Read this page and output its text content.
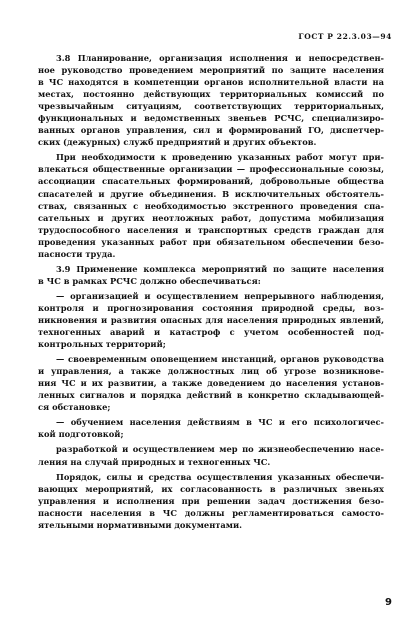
ГОСТ Р 22.3.03—94
3.8 Планирование, организация исполнения и непосредствен-
ное руководство проведением мероприятий по защите населения
в ЧС находятся в компетенции органов исполнительной власти на
местах, постоянно действующих территориальных комиссий по
чрезвычайным ситуациям, соответствующих территориальных,
функциональных и ведомственных звеньев РСЧС, специализиро-
ванных органов управления, сил и формирований ГО, диспетчер-
ских (дежурных) служб предприятий и других объектов.
При необходимости к проведению указанных работ могут при-
влекаться общественные организации — профессиональные союзы,
ассоциации спасательных формирований, добровольные общества
спасателей и другие объединения. В исключительных обстоятель-
ствах, связанных с необходимостью экстренного проведения спа-
сательных и других неотложных работ, допустима мобилизация
трудоспособного населения и транспортных средств граждан для
проведения указанных работ при обязательном обеспечении безо-
пасности труда.
3.9 Применение комплекса мероприятий по защите населения
в ЧС в рамках РСЧС должно обеспечиваться:
— организацией и осуществлением непрерывного наблюдения,
контроля и прогнозирования состояния природной среды, воз-
никновения и развития опасных для населения природных явлений,
техногенных аварий и катастроф с учетом особенностей под-
контрольных территорий;
— своевременным оповещением инстанций, органов руководства
и управления, а также должностных лиц об угрозе возникнове-
ния ЧС и их развитии, а также доведением до населения установ-
ленных сигналов и порядка действий в конкретно складывающей-
ся обстановке;
— обучением населения действиям в ЧС и его психологичес-
кой подготовкой;
разработкой и осуществлением мер по жизнеобеспечению насе-
ления на случай природных и техногенных ЧС.
Порядок, силы и средства осуществления указанных обеспечи-
вающих мероприятий, их согласованность в различных звеньях
управления и исполнения при решении задач достижения безо-
пасности населения в ЧС должны регламентироваться самосто-
ятельными нормативными документами.
9
